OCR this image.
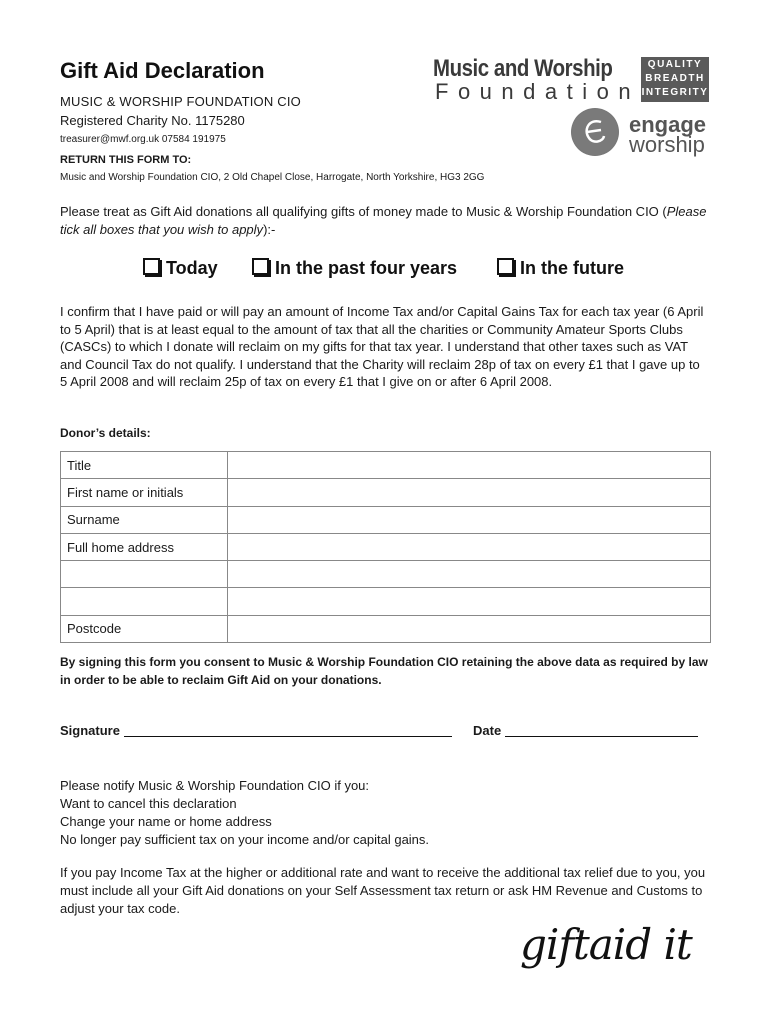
Gift Aid Declaration
MUSIC & WORSHIP FOUNDATION CIO
Registered Charity No. 1175280
treasurer@mwf.org.uk 07584 191975
RETURN THIS FORM TO:
Music and Worship Foundation CIO, 2 Old Chapel Close, Harrogate, North Yorkshire, HG3 2GG
Music and Worship
Foundation
QUALITY
BREADTH
INTEGRITY
engage
worship
Please treat as Gift Aid donations all qualifying gifts of money made to Music & Worship Foundation CIO (Please tick all boxes that you wish to apply):-
Today	In the past four years	In the future
I confirm that I have paid or will pay an amount of Income Tax and/or Capital Gains Tax for each tax year (6 April to 5 April) that is at least equal to the amount of tax that all the charities or Community Amateur Sports Clubs (CASCs) to which I donate will reclaim on my gifts for that tax year. I understand that other taxes such as VAT and Council Tax do not qualify. I understand that the Charity will reclaim 28p of tax on every £1 that I gave up to 5 April 2008 and will reclaim 25p of tax on every £1 that I give on or after 6 April 2008.
Donor’s details:
Title	
First name or initials	
Surname	
Full home address	

Postcode	
By signing this form you consent to Music & Worship Foundation CIO retaining the above data as required by law in order to be able to reclaim Gift Aid on your donations.
Signature	Date
Please notify Music & Worship Foundation CIO if you:
Want to cancel this declaration
Change your name or home address
No longer pay sufficient tax on your income and/or capital gains.
If you pay Income Tax at the higher or additional rate and want to receive the additional tax relief due to you, you must include all your Gift Aid donations on your Self Assessment tax return or ask HM Revenue and Customs to adjust your tax code.
giftaid it
